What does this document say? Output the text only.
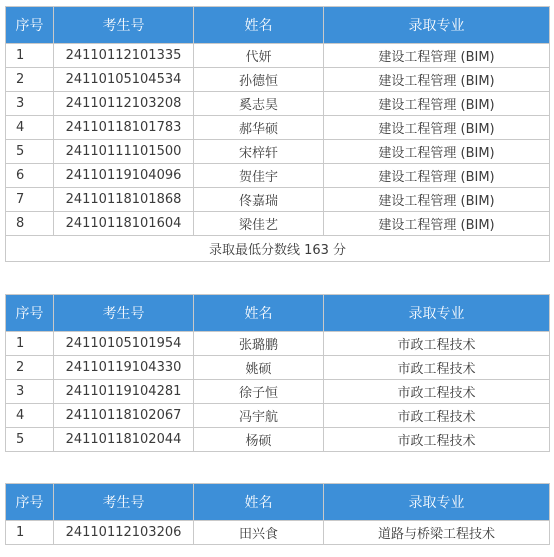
序号	考生号	姓名	录取专业
1	24110112101335	代妍	建设工程管理 (BIM)
2	24110105104534	孙德恒	建设工程管理 (BIM)
3	24110112103208	奚志昊	建设工程管理 (BIM)
4	24110118101783	郝华硕	建设工程管理 (BIM)
5	24110111101500	宋梓轩	建设工程管理 (BIM)
6	24110119104096	贺佳宇	建设工程管理 (BIM)
7	24110118101868	佟嘉瑞	建设工程管理 (BIM)
8	24110118101604	梁佳艺	建设工程管理 (BIM)
录取最低分数线 163 分			
序号	考生号	姓名	录取专业
1	24110105101954	张璐鹏	市政工程技术
2	24110119104330	姚硕	市政工程技术
3	24110119104281	徐子恒	市政工程技术
4	24110118102067	冯宇航	市政工程技术
5	24110118102044	杨硕	市政工程技术
序号	考生号	姓名	录取专业
1	24110112103206	田兴食	道路与桥梁工程技术
